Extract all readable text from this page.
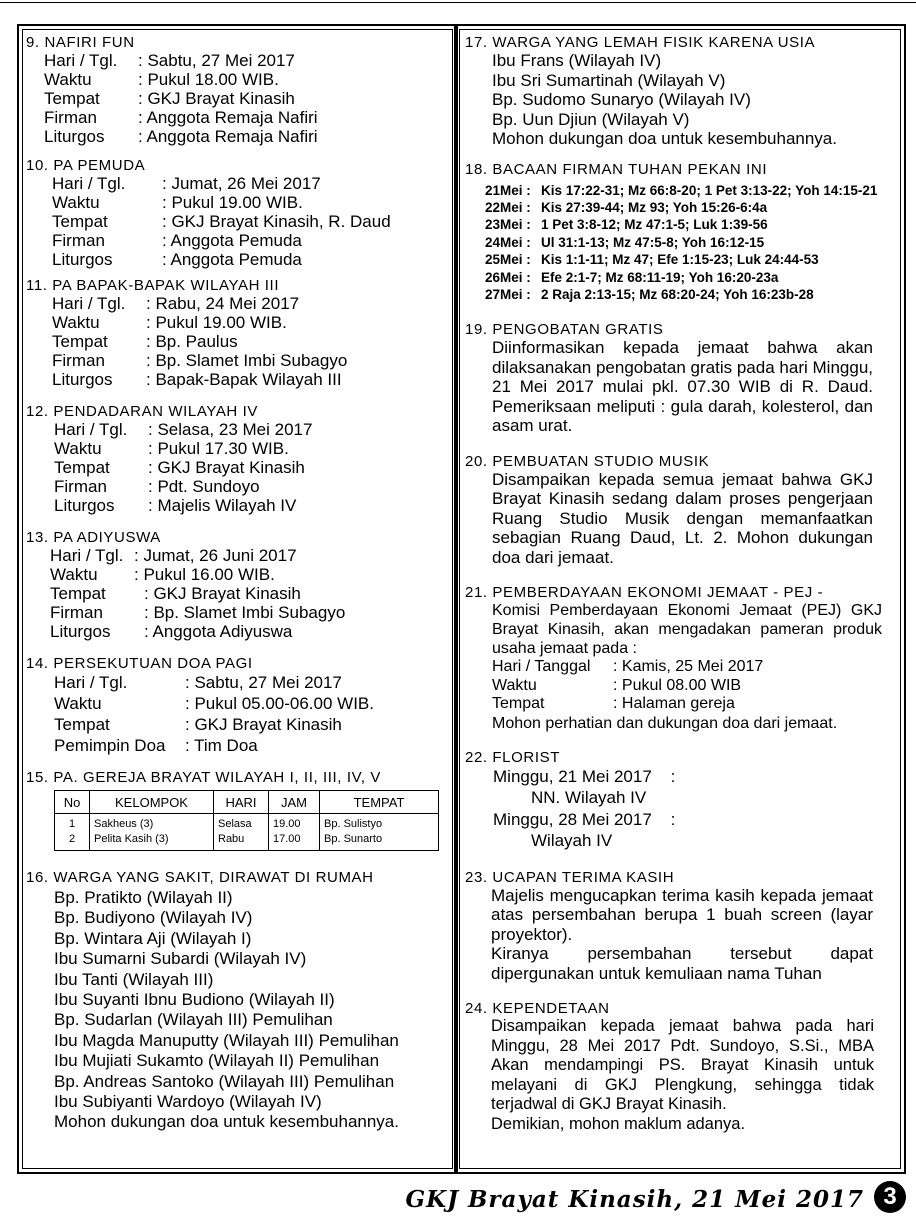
9. NAFIRI FUN
Hari / Tgl.	: Sabtu, 27 Mei 2017
Waktu	: Pukul 18.00 WIB.
Tempat	: GKJ Brayat Kinasih
Firman	: Anggota Remaja Nafiri
Liturgos	: Anggota Remaja Nafiri
10. PA PEMUDA
Hari / Tgl.	: Jumat, 26 Mei 2017
Waktu	: Pukul 19.00 WIB.
Tempat	: GKJ Brayat Kinasih, R. Daud
Firman	: Anggota Pemuda
Liturgos	: Anggota Pemuda
11. PA BAPAK-BAPAK WILAYAH III
Hari / Tgl.	: Rabu, 24 Mei 2017
Waktu	: Pukul 19.00 WIB.
Tempat	: Bp. Paulus
Firman	: Bp. Slamet Imbi Subagyo
Liturgos	: Bapak-Bapak Wilayah III
12. PENDADARAN WILAYAH IV
Hari / Tgl.	: Selasa, 23 Mei 2017
Waktu	: Pukul 17.30 WIB.
Tempat	: GKJ Brayat Kinasih
Firman	: Pdt. Sundoyo
Liturgos	: Majelis Wilayah IV
13. PA ADIYUSWA
Hari / Tgl. : Jumat, 26 Juni 2017
Waktu	: Pukul 16.00 WIB.
Tempat	: GKJ Brayat Kinasih
Firman	: Bp. Slamet Imbi Subagyo
Liturgos	: Anggota Adiyuswa
14. PERSEKUTUAN DOA PAGI
Hari / Tgl.	: Sabtu, 27 Mei 2017
Waktu	: Pukul 05.00-06.00 WIB.
Tempat	: GKJ Brayat Kinasih
Pemimpin Doa	: Tim Doa
15. PA. GEREJA BRAYAT WILAYAH I, II, III, IV, V
No	KELOMPOK	HARI	JAM	TEMPAT
1	Sakheus (3)	Selasa	19.00	Bp. Sulistyo
2	Pelita Kasih (3)	Rabu	17.00	Bp. Sunarto
16. WARGA YANG SAKIT, DIRAWAT DI RUMAH
Bp. Pratikto (Wilayah II)
Bp. Budiyono (Wilayah IV)
Bp. Wintara Aji (Wilayah I)
Ibu Sumarni Subardi (Wilayah IV)
Ibu Tanti (Wilayah III)
Ibu Suyanti Ibnu Budiono (Wilayah II)
Bp. Sudarlan (Wilayah III) Pemulihan
Ibu Magda Manuputty (Wilayah III) Pemulihan
Ibu Mujiati Sukamto (Wilayah II) Pemulihan
Bp. Andreas Santoko (Wilayah III) Pemulihan
Ibu Subiyanti Wardoyo (Wilayah IV)
Mohon dukungan doa untuk kesembuhannya.
17. WARGA YANG LEMAH FISIK KARENA USIA
Ibu Frans (Wilayah IV)
Ibu Sri Sumartinah (Wilayah V)
Bp. Sudomo Sunaryo (Wilayah IV)
Bp. Uun Djiun (Wilayah V)
Mohon dukungan doa untuk kesembuhannya.
18. BACAAN FIRMAN TUHAN PEKAN INI
21Mei : Kis 17:22-31; Mz 66:8-20; 1 Pet 3:13-22; Yoh 14:15-21
22Mei : Kis 27:39-44; Mz 93; Yoh 15:26-6:4a
23Mei : 1 Pet 3:8-12; Mz 47:1-5; Luk 1:39-56
24Mei : Ul 31:1-13; Mz 47:5-8; Yoh 16:12-15
25Mei : Kis 1:1-11; Mz 47; Efe 1:15-23; Luk 24:44-53
26Mei : Efe 2:1-7; Mz 68:11-19; Yoh 16:20-23a
27Mei : 2 Raja 2:13-15; Mz 68:20-24; Yoh 16:23b-28
19. PENGOBATAN GRATIS
Diinformasikan kepada jemaat bahwa akan dilaksanakan pengobatan gratis pada hari Minggu, 21 Mei 2017 mulai pkl. 07.30 WIB di R. Daud. Pemeriksaan meliputi : gula darah, kolesterol, dan asam urat.
20. PEMBUATAN STUDIO MUSIK
Disampaikan kepada semua jemaat bahwa GKJ Brayat Kinasih sedang dalam proses pengerjaan Ruang Studio Musik dengan memanfaatkan sebagian Ruang Daud, Lt. 2. Mohon dukungan doa dari jemaat.
21. PEMBERDAYAAN EKONOMI JEMAAT - PEJ -
Komisi Pemberdayaan Ekonomi Jemaat (PEJ) GKJ Brayat Kinasih, akan mengadakan pameran produk usaha jemaat pada :
Hari / Tanggal	: Kamis, 25 Mei 2017
Waktu	: Pukul 08.00 WIB
Tempat	: Halaman gereja
Mohon perhatian dan dukungan doa dari jemaat.
22. FLORIST
Minggu, 21 Mei 2017    :
NN. Wilayah IV
Minggu, 28 Mei 2017    :
Wilayah IV
23. UCAPAN TERIMA KASIH
Majelis mengucapkan terima kasih kepada jemaat atas persembahan berupa 1 buah screen (layar proyektor).
Kiranya persembahan tersebut dapat dipergunakan untuk kemuliaan nama Tuhan
24. KEPENDETAAN
Disampaikan kepada jemaat bahwa pada hari Minggu, 28 Mei 2017 Pdt. Sundoyo, S.Si., MBA Akan mendampingi PS. Brayat Kinasih untuk melayani di GKJ Plengkung, sehingga tidak terjadwal di GKJ Brayat Kinasih.
Demikian, mohon maklum adanya.
GKJ Brayat Kinasih, 21 Mei 2017 3
